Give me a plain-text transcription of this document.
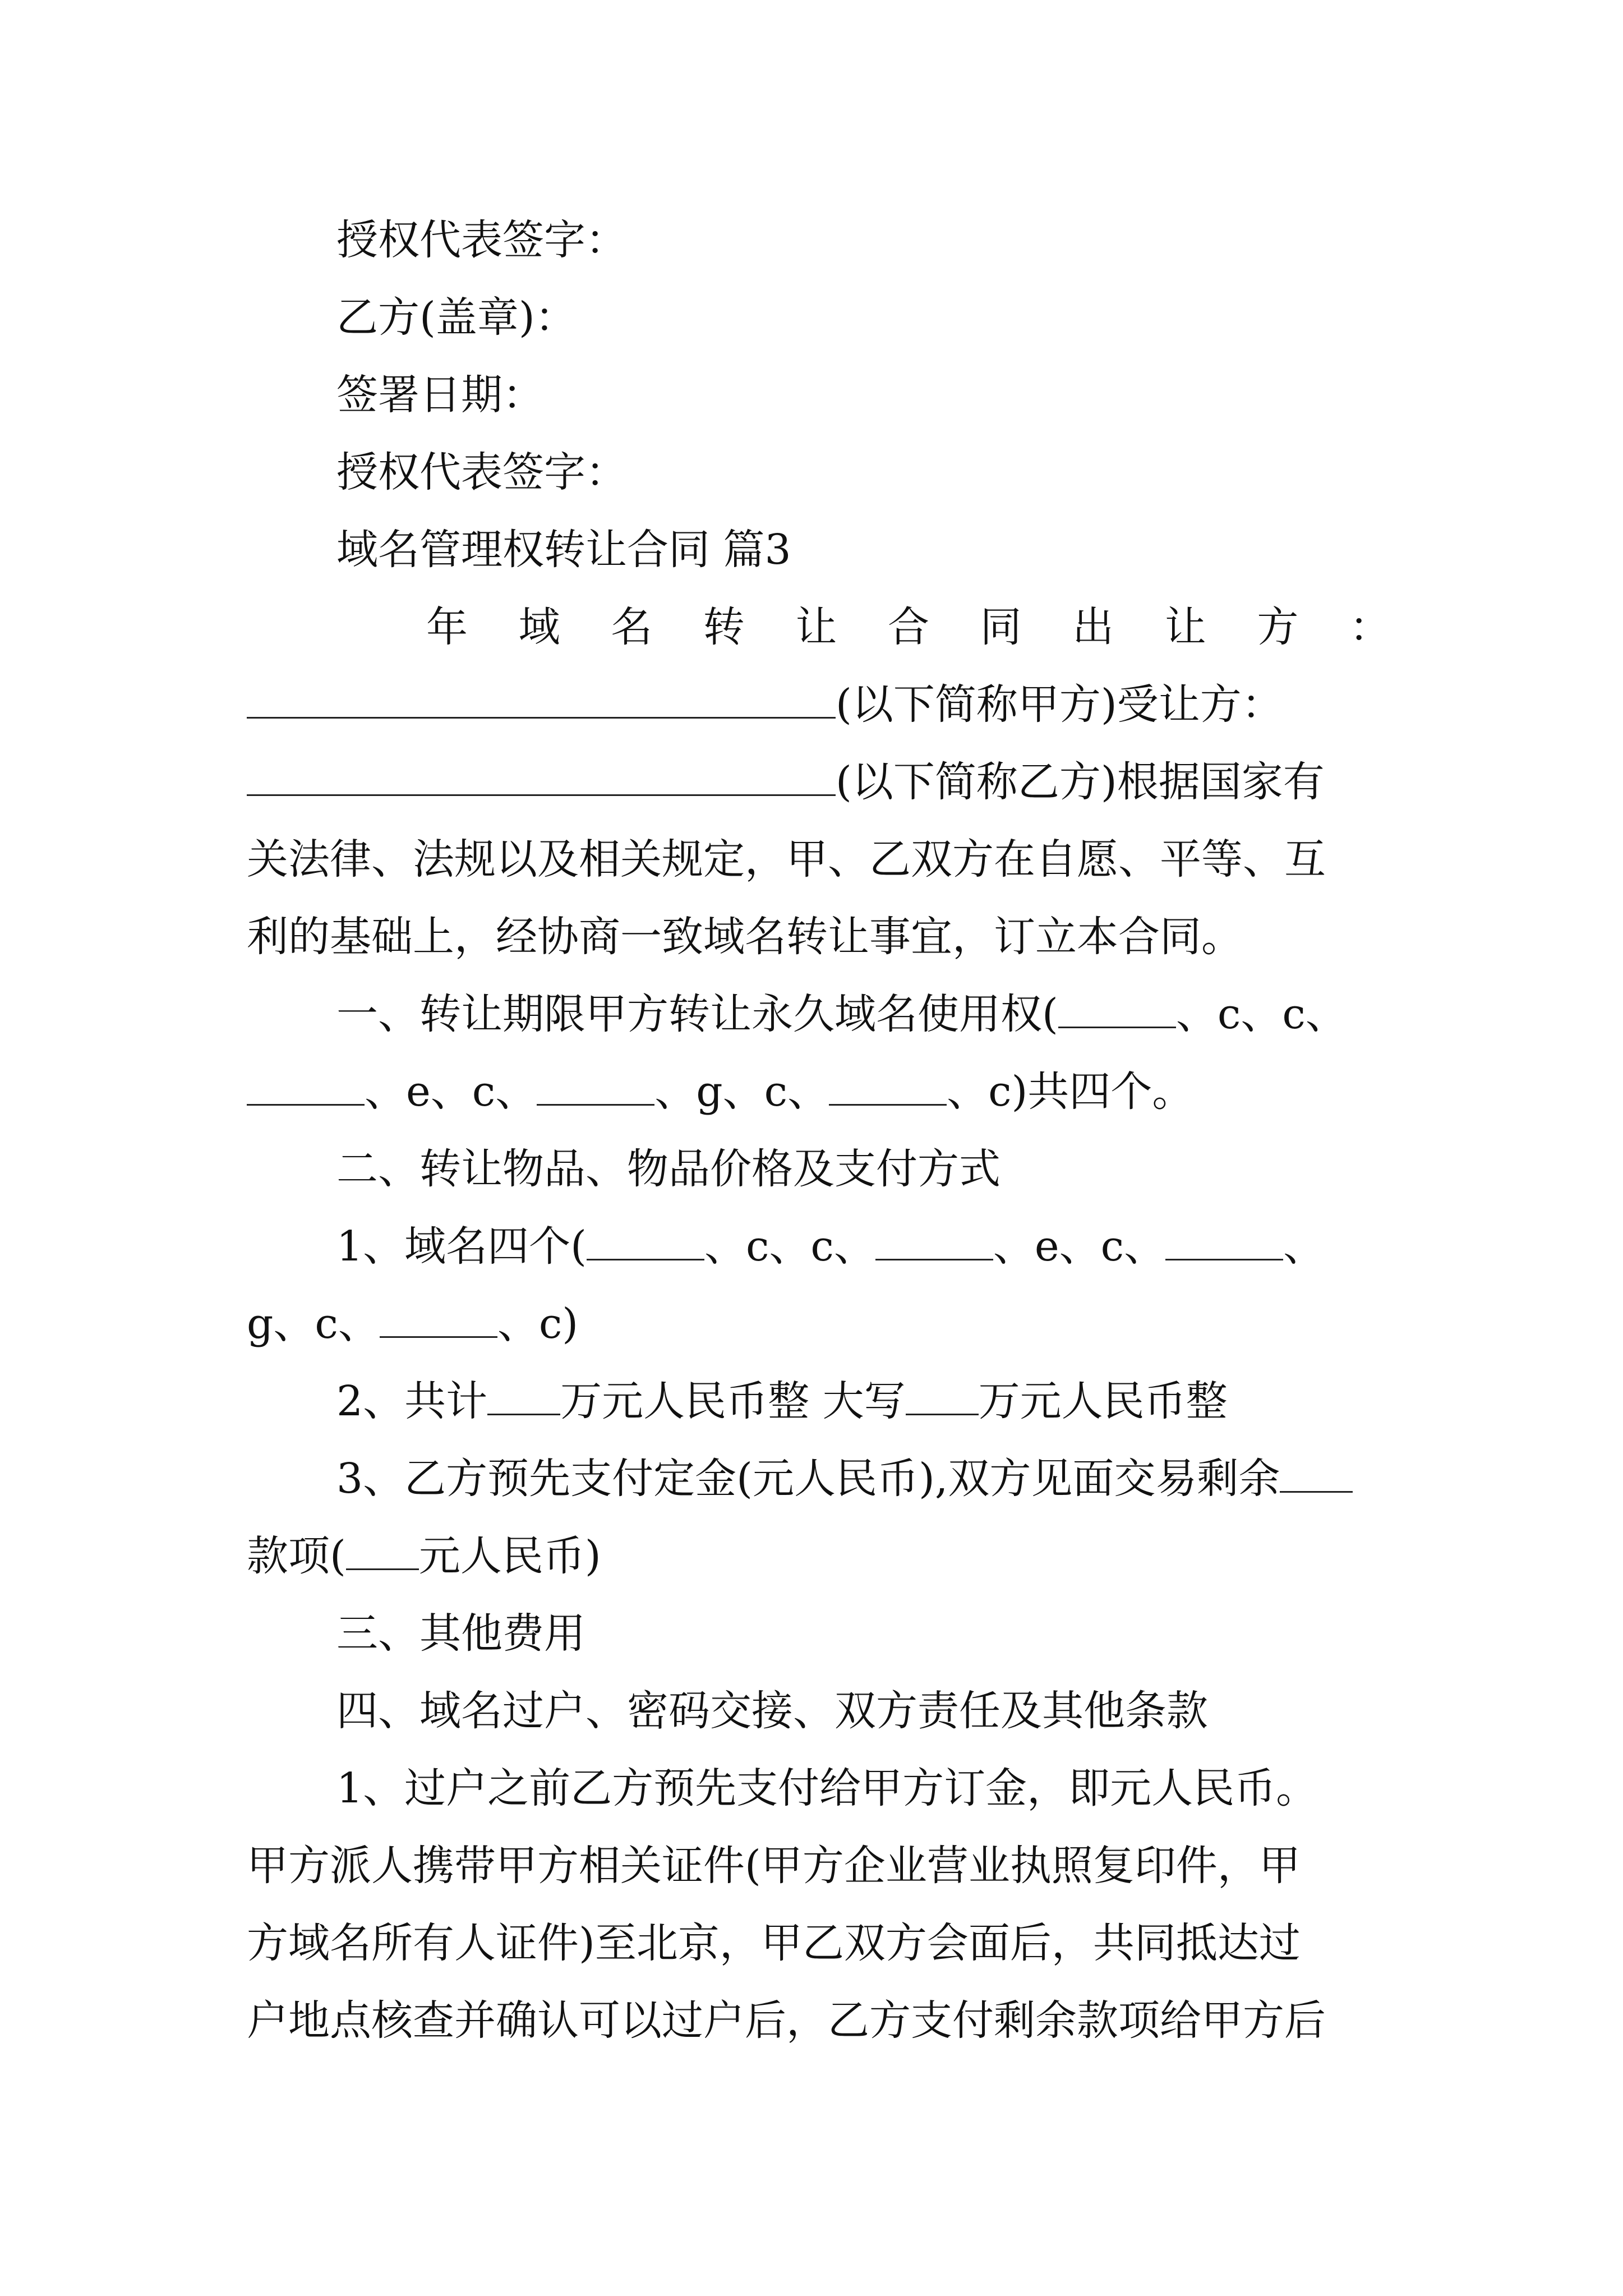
授权代表签字：
乙方(盖章)：
签署日期：
授权代表签字：
域名管理权转让合同 篇3
年 域 名 转 让 合 同 出 让 方 ：
(以下简称甲方)受让方：
(以下简称乙方)根据国家有
关法律、法规以及相关规定，甲、乙双方在自愿、平等、互
利的基础上，经协商一致域名转让事宜，订立本合同。
一、转让期限甲方转让永久域名使用权(	、c、c、
、e、c、	、g、c、	、c)共四个。
二、转让物品、物品价格及支付方式
1、域名四个(	、c、c、	、e、c、	、
g、c、	、c)
2、共计 万元人民币整 大写 万元人民币整
3、乙方预先支付定金(元人民币),双方见面交易剩余
款项( 元人民币)
三、其他费用
四、域名过户、密码交接、双方责任及其他条款
1、过户之前乙方预先支付给甲方订金，即元人民币。
甲方派人携带甲方相关证件(甲方企业营业执照复印件，甲
方域名所有人证件)至北京，甲乙双方会面后，共同抵达过
户地点核查并确认可以过户后，乙方支付剩余款项给甲方后
